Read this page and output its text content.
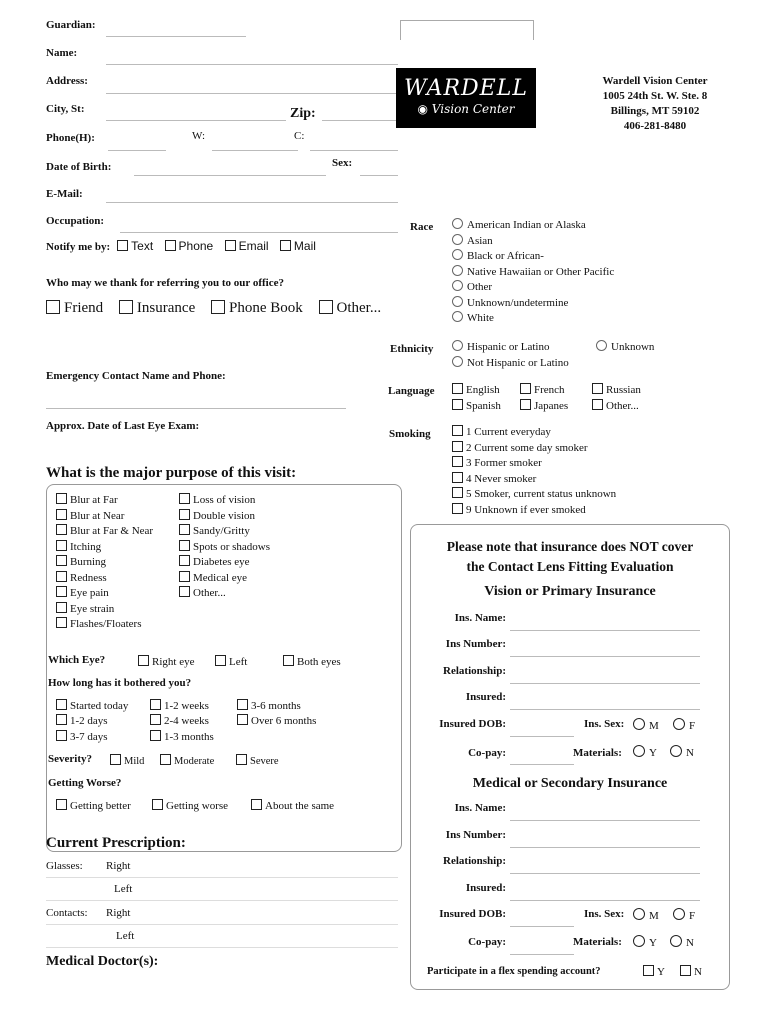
Guardian:
Name:
Address:
City, St:	Zip:
Phone(H):	W:	C:
Date of Birth:	Sex:
E-Mail:
Occupation:
Notify me by: Text Phone Email Mail
Who may we thank for referring you to our office?
Friend Insurance Phone Book Other...
Emergency Contact Name and Phone:
Approx. Date of Last Eye Exam:
WARDELL
◉ Vision Center
Wardell Vision Center
1005 24th St. W. Ste. 8
Billings, MT 59102
406-281-8480
Race	American Indian or Alaska
Asian
Black or African-
Native Hawaiian or Other Pacific
Other
Unknown/undetermine
White
Ethnicity	Hispanic or Latino	Unknown
Not Hispanic or Latino
Language	English	French	Russian
Spanish	Japanes	Other...
Smoking	1 Current everyday
2 Current some day smoker
3 Former smoker
4 Never smoker
5 Smoker, current status unknown
9 Unknown if ever smoked
What is the major purpose of this visit:
Blur at Far
Blur at Near
Blur at Far & Near
Itching
Burning
Redness
Eye pain
Eye strain
Flashes/Floaters
Loss of vision
Double vision
Sandy/Gritty
Spots or shadows
Diabetes eye
Medical eye
Other...
Which Eye?	Right eye	Left	Both eyes
How long has it bothered you?
Started today	1-2 weeks	3-6 months
1-2 days	2-4 weeks	Over 6 months
3-7 days	1-3 months
Severity?	Mild	Moderate	Severe
Getting Worse?
Getting better	Getting worse	About the same
Current Prescription:
Glasses: Right
Left
Contacts: Right
Left
Medical Doctor(s):
Please note that insurance does NOT cover
the Contact Lens Fitting Evaluation
Vision or Primary Insurance
Ins. Name:
Ins Number:
Relationship:
Insured:
Insured DOB:	Ins. Sex:	M	F
Co-pay:	Materials:	Y	N
Medical or Secondary Insurance
Ins. Name:
Ins Number:
Relationship:
Insured:
Insured DOB:	Ins. Sex:	M	F
Co-pay:	Materials:	Y	N
Participate in a flex spending account?	Y	N
